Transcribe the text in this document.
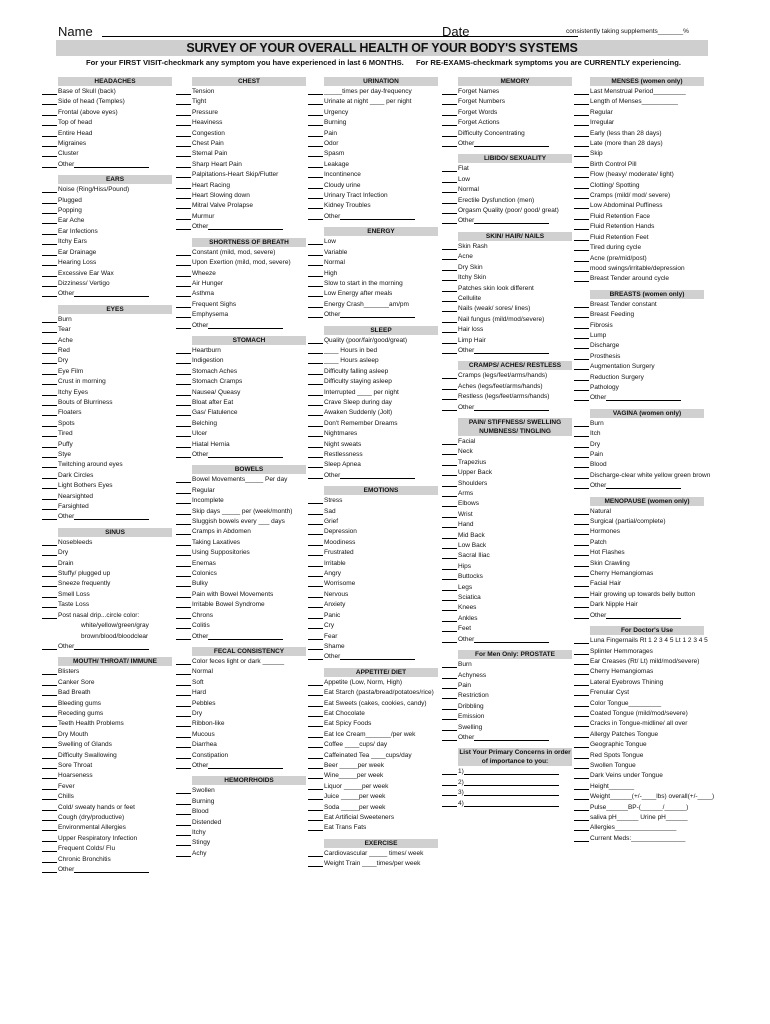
Name	Date	consistently taking supplements_______%
SURVEY OF YOUR OVERALL HEALTH OF YOUR BODY'S SYSTEMS
For your FIRST VISIT-checkmark any symptom you have experienced in last 6 MONTHS. For RE-EXAMS-checkmark symptoms you are CURRENTLY experiencing.
HEADACHES
Base of Skull (back)
Side of head (Temples)
Frontal (above eyes)
Top of head
Entire Head
Migraines
Cluster
Other
EARS
Noise (Ring/Hiss/Pound)
Plugged
Popping
Ear Ache
Ear Infections
Itchy Ears
Ear Drainage
Hearing Loss
Excessive Ear Wax
Dizziness/ Vertigo
Other
EYES
Burn
Tear
Ache
Red
Dry
Eye Film
Crust in morning
Itchy Eyes
Bouts of Blurriness
Floaters
Spots
Tired
Puffy
Stye
Twitching around eyes
Dark Circles
Light Bothers Eyes
Nearsighted
Farsighted
Other
SINUS
Nosebleeds
Dry
Drain
Stuffy/ plugged up
Sneeze frequently
Smell Loss
Taste Loss
Post nasal drip...circle color:
white/yellow/green/gray
brown/blood/bloodclear
Other
MOUTH/ THROAT/ IMMUNE
Blisters
Canker Sore
Bad Breath
Bleeding gums
Receding gums
Teeth Health Problems
Dry Mouth
Swelling of Glands
Difficulty Swallowing
Sore Throat
Hoarseness
Fever
Chills
Cold/ sweaty hands or feet
Cough (dry/productive)
Environmental Allergies
Upper Respiratory Infection
Frequent Colds/ Flu
Chronic Bronchitis
Other
CHEST
Tension
Tight
Pressure
Heaviness
Congestion
Chest Pain
Sternal Pain
Sharp Heart Pain
Palpitations-Heart Skip/Flutter
Heart Racing
Heart Slowing down
Mitral Valve Prolapse
Murmur
Other
SHORTNESS OF BREATH
Constant (mild, mod, severe)
Upon Exertion (mild, mod, severe)
Wheeze
Air Hunger
Asthma
Frequent Sighs
Emphysema
Other
STOMACH
Heartburn
Indigestion
Stomach Aches
Stomach Cramps
Nausea/ Queasy
Bloat after Eat
Gas/ Flatulence
Belching
Ulcer
Hiatal Hernia
Other
BOWELS
Bowel Movements_____ Per day
Regular
Incomplete
Skip days _____ per (week/month)
Sluggish bowels every ___ days
Cramps in Abdomen
Taking Laxatives
Using Suppositories
Enemas
Colonics
Bulky
Pain with Bowel Movements
Irritable Bowel Syndrome
Chrons
Colitis
Other
FECAL CONSISTENCY
Color feces light or dark ______
Normal
Soft
Hard
Pebbles
Dry
Ribbon-like
Mucous
Diarrhea
Constipation
Other
HEMORRHOIDS
Swollen
Burning
Blood
Distended
Itchy
Stingy
Achy
URINATION
_____times per day-frequency
Urinate at night ____ per night
Urgency
Burning
Pain
Odor
Spasm
Leakage
Incontinence
Cloudy urine
Urinary Tract Infection
Kidney Troubles
Other
ENERGY
Low
Variable
Normal
High
Slow to start in the morning
Low Energy after meals
Energy Crash_______am/pm
Other
SLEEP
Quality (poor/fair/good/great)
____ Hours in bed
____ Hours asleep
Difficulty falling asleep
Difficulty staying asleep
Interrupted ____ per night
Crave Sleep during day
Awaken Suddenly (Jolt)
Don't Remember Dreams
Nightmares
Night sweats
Restlessness
Sleep Apnea
Other
EMOTIONS
Stress
Sad
Grief
Depression
Moodiness
Frustrated
Irritable
Angry
Worrisome
Nervous
Anxiety
Panic
Cry
Fear
Shame
Other
APPETITE/ DIET
Appetite (Low, Norm, High)
Eat Starch (pasta/bread/potatoes/rice)
Eat Sweets (cakes, cookies, candy)
Eat Chocolate
Eat Spicy Foods
Eat Ice Cream_______/per wek
Coffee ____cups/ day
Caffeinated Tea ____cups/day
Beer _____per week
Wine_____per week
Liquor _____per week
Juice _____per week
Soda _____per week
Eat Artificial Sweeteners
Eat Trans Fats
EXERCISE
Cardiovascular _____ times/ week
Weight Train ____times/per week
MEMORY
Forget Names
Forget Numbers
Forget Words
Forget Actions
Difficulty Concentrating
Other
LIBIDO/ SEXUALITY
Flat
Low
Normal
Erectile Dysfunction (men)
Orgasm Quality (poor/ good/ great)
Other
SKIN/ HAIR/ NAILS
Skin Rash
Acne
Dry Skin
Itchy Skin
Patches skin look different
Cellulite
Nails (weak/ sores/ lines)
Nail fungus (mild/mod/severe)
Hair loss
Limp Hair
Other
CRAMPS/ ACHES/ RESTLESS
Cramps (legs/feet/arms/hands)
Aches (legs/feet/arms/hands)
Restless (legs/feet/arms/hands)
Other
PAIN/ STIFFNESS/ SWELLING NUMBNESS/ TINGLING
Facial
Neck
Trapezius
Upper Back
Shoulders
Arms
Elbows
Wrist
Hand
Mid Back
Low Back
Sacral Iliac
Hips
Buttocks
Legs
Sciatica
Knees
Ankles
Feet
Other
For Men Only: PROSTATE
Burn
Achyness
Pain
Restriction
Dribbling
Emission
Swelling
Other
List Your Primary Concerns in order of importance to you:
1)
2)
3)
4)
MENSES (women only)
Last Menstrual Period_________
Length of Menses__________
Regular
Irregular
Early (less than 28 days)
Late (more than 28 days)
Skip
Birth Control Pill
Flow (heavy/ moderate/ light)
Clotting/ Spotting
Cramps (mild/ mod/ severe)
Low Abdominal Puffiness
Fluid Retention Face
Fluid Retention Hands
Fluid Retention Feet
Tired during cycle
Acne (pre/mid/post)
mood swings/irritable/depression
Breast Tender around cycle
BREASTS (women only)
Breast Tender constant
Breast Feeding
Fibrosis
Lump
Discharge
Prosthesis
Augmentation Surgery
Reduction Surgery
Pathology
Other
VAGINA (women only)
Burn
Itch
Dry
Pain
Blood
Discharge-clear white yellow green brown
Other
MENOPAUSE (women only)
Natural
Surgical (partial/complete)
Hormones
Patch
Hot Flashes
Skin Crawling
Cherry Hemangiomas
Facial Hair
Hair growing up towards belly button
Dark Nipple Hair
Other
For Doctor's Use
Luna Fingernails Rt 1 2 3 4 5 Lt 1 2 3 4 5
Splinter Hemmorages
Ear Creases (Rt/ Lt) mild/mod/severe)
Cherry Hemangiomas
Lateral Eyebrows Thining
Frenular Cyst
Color Tongue_________
Coated Tongue (mild/mod/severe)
Cracks in Tongue-midline/ all over
Allergy Patches Tongue
Geographic Tongue
Red Spots Tongue
Swollen Tongue
Dark Veins under Tongue
Height_______
Weight______(+/-____lbs) overall(+/-____)
Pulse______BP-(______/______)
saliva pH______ Urine pH______
Allergies_________________
Current Meds:_______________
